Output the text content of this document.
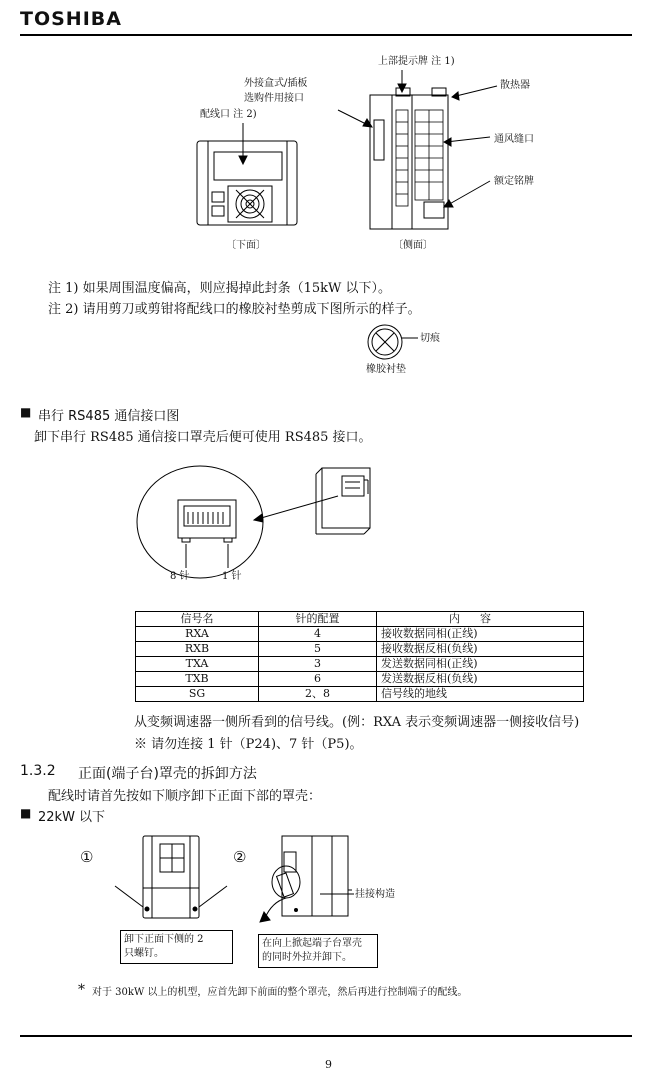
TOSHIBA
上部提示牌 注 1)
散热器
外接盒式/插板
选购件用接口
配线口 注 2)
通风缝口
额定铭牌
〔下面〕	〔侧面〕
注 1) 如果周围温度偏高，则应揭掉此封条（15kW 以下）。
注 2) 请用剪刀或剪钳将配线口的橡胶衬垫剪成下图所示的样子。
切痕
橡胶衬垫
■ 串行 RS485 通信接口图
卸下串行 RS485 通信接口罩壳后便可使用 RS485 接口。
8 针	1 针
信号名	针的配置	内容
RXA	4	接收数据同相(正线)
RXB	5	接收数据反相(负线)
TXA	3	发送数据同相(正线)
TXB	6	发送数据反相(负线)
SG	2、8	信号线的地线
从变频调速器一侧所看到的信号线。(例：RXA 表示变频调速器一侧接收信号)
※ 请勿连接 1 针（P24)、7 针（P5)。
1.3.2 正面(端子台)罩壳的拆卸方法
配线时请首先按如下顺序卸下正面下部的罩壳：
■ 22kW 以下
①	②
挂接构造
卸下正面下侧的 2
只螺钉。
在向上掀起端子台罩壳
的同时外拉并卸下。
* 对于 30kW 以上的机型，应首先卸下前面的整个罩壳，然后再进行控制端子的配线。
9
